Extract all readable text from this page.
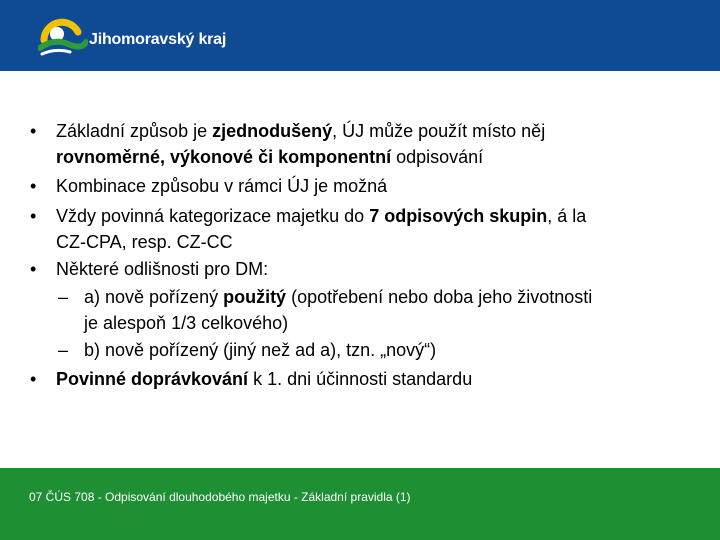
Jihomoravský kraj
• Základní způsob je zjednodušený, ÚJ může použít místo něj
rovnoměrné, výkonové či komponentní odpisování
• Kombinace způsobu v rámci ÚJ je možná
• Vždy povinná kategorizace majetku do 7 odpisových skupin, á la
CZ-CPA, resp. CZ-CC
• Některé odlišnosti pro DM:
– a) nově pořízený použitý (opotřebení nebo doba jeho životnosti
je alespoň 1/3 celkového)
– b) nově pořízený (jiný než ad a), tzn. „nový“)
• Povinné doprávkování k 1. dni účinnosti standardu
07 ČÚS 708 - Odpisování dlouhodobého majetku - Základní pravidla (1)
